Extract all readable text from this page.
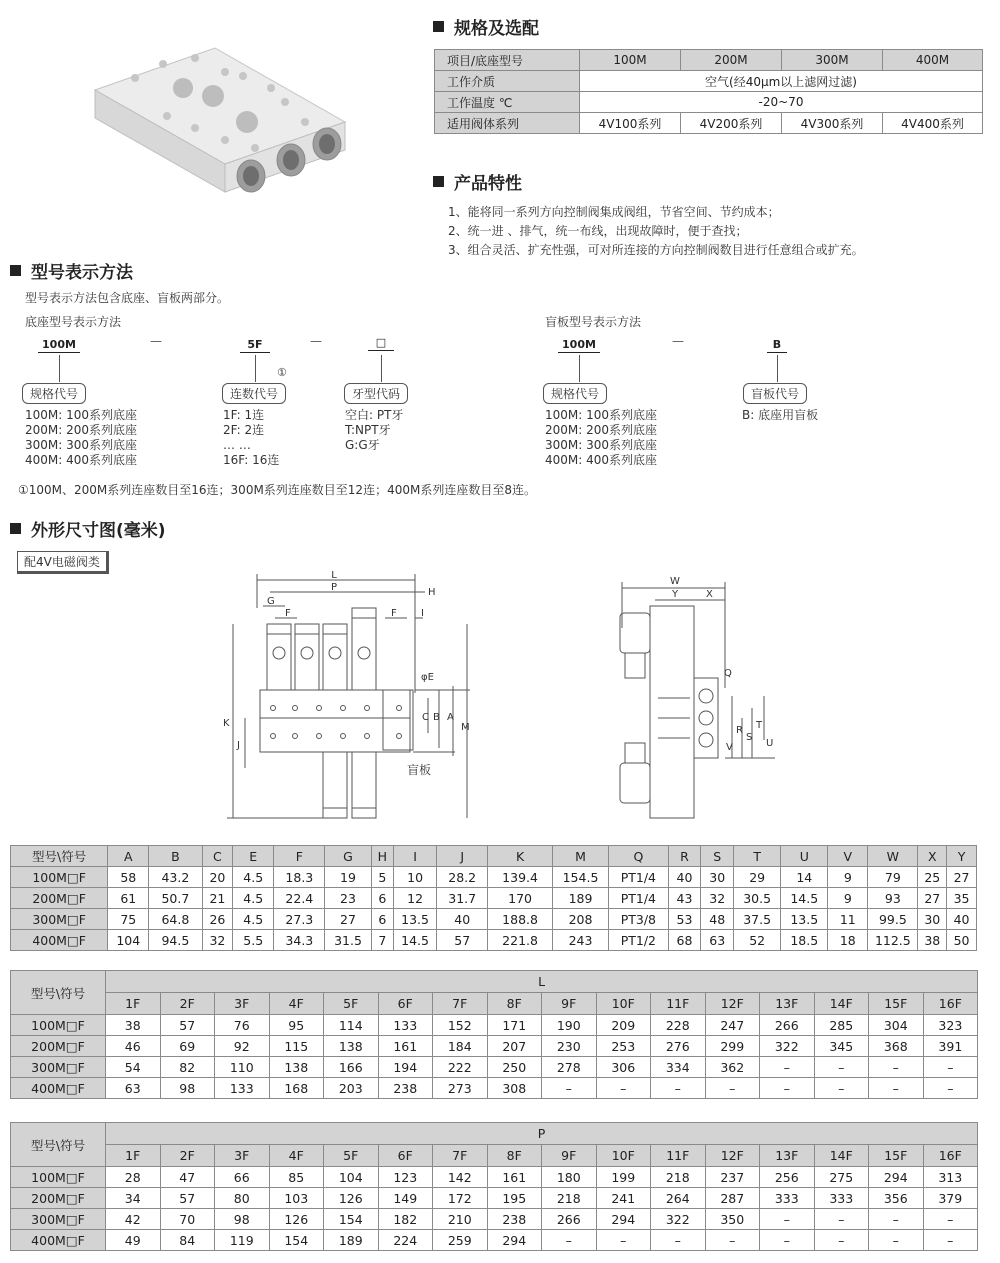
规格及选配
项目/底座型号	100M	200M	300M	400M
工作介质	空气(经40μm以上滤网过滤)			
工作温度 ℃	-20~70			
适用阀体系列	4V100系列	4V200系列	4V300系列	4V400系列
产品特性
1、能将同一系列方向控制阀集成阀组，节省空间、节约成本；
2、统一进 、排气，统一布线，出现故障时，便于查找；
3、组合灵活、扩充性强，可对所连接的方向控制阀数目进行任意组合或扩充。
型号表示方法
型号表示方法包含底座、盲板两部分。
底座型号表示方法	盲板型号表示方法
100M	—	5F
①
—	□
规格代号	连数代号	牙型代码
100M: 100系列底座
200M: 200系列底座
300M: 300系列底座
400M: 400系列底座
1F: 1连
2F: 2连
… …
16F: 16连
空白: PT牙
T:NPT牙
G:G牙
100M	—	B
规格代号	盲板代号
100M: 100系列底座
200M: 200系列底座
300M: 300系列底座
400M: 400系列底座
B: 底座用盲板
①100M、200M系列连座数目至16连；300M系列连座数目至12连；400M系列连座数目至8连。
外形尺寸图(毫米)
配4V电磁阀类
L
P	H
G
F	F I
φE
C B A
M
K
J
盲板
W
Y	X
Q
V
R
S
T
U
型号\符号	A	B	C	E	F	G	H	I	J	K	M	Q	R	S	T	U	V	W	X	Y
100M□F	58	43.2	20	4.5	18.3	19	5	10	28.2	139.4	154.5	PT1/4	40	30	29	14	9	79	25	27
200M□F	61	50.7	21	4.5	22.4	23	6	12	31.7	170	189	PT1/4	43	32	30.5	14.5	9	93	27	35
300M□F	75	64.8	26	4.5	27.3	27	6	13.5	40	188.8	208	PT3/8	53	48	37.5	13.5	11	99.5	30	40
400M□F	104	94.5	32	5.5	34.3	31.5	7	14.5	57	221.8	243	PT1/2	68	63	52	18.5	18	112.5	38	50
型号\符号	L															
	1F	2F	3F	4F	5F	6F	7F	8F	9F	10F	11F	12F	13F	14F	15F	16F
100M□F	38	57	76	95	114	133	152	171	190	209	228	247	266	285	304	323
200M□F	46	69	92	115	138	161	184	207	230	253	276	299	322	345	368	391
300M□F	54	82	110	138	166	194	222	250	278	306	334	362	–	–	–	–
400M□F	63	98	133	168	203	238	273	308	–	–	–	–	–	–	–	–
型号\符号	P															
	1F	2F	3F	4F	5F	6F	7F	8F	9F	10F	11F	12F	13F	14F	15F	16F
100M□F	28	47	66	85	104	123	142	161	180	199	218	237	256	275	294	313
200M□F	34	57	80	103	126	149	172	195	218	241	264	287	333	333	356	379
300M□F	42	70	98	126	154	182	210	238	266	294	322	350	–	–	–	–
400M□F	49	84	119	154	189	224	259	294	–	–	–	–	–	–	–	–
